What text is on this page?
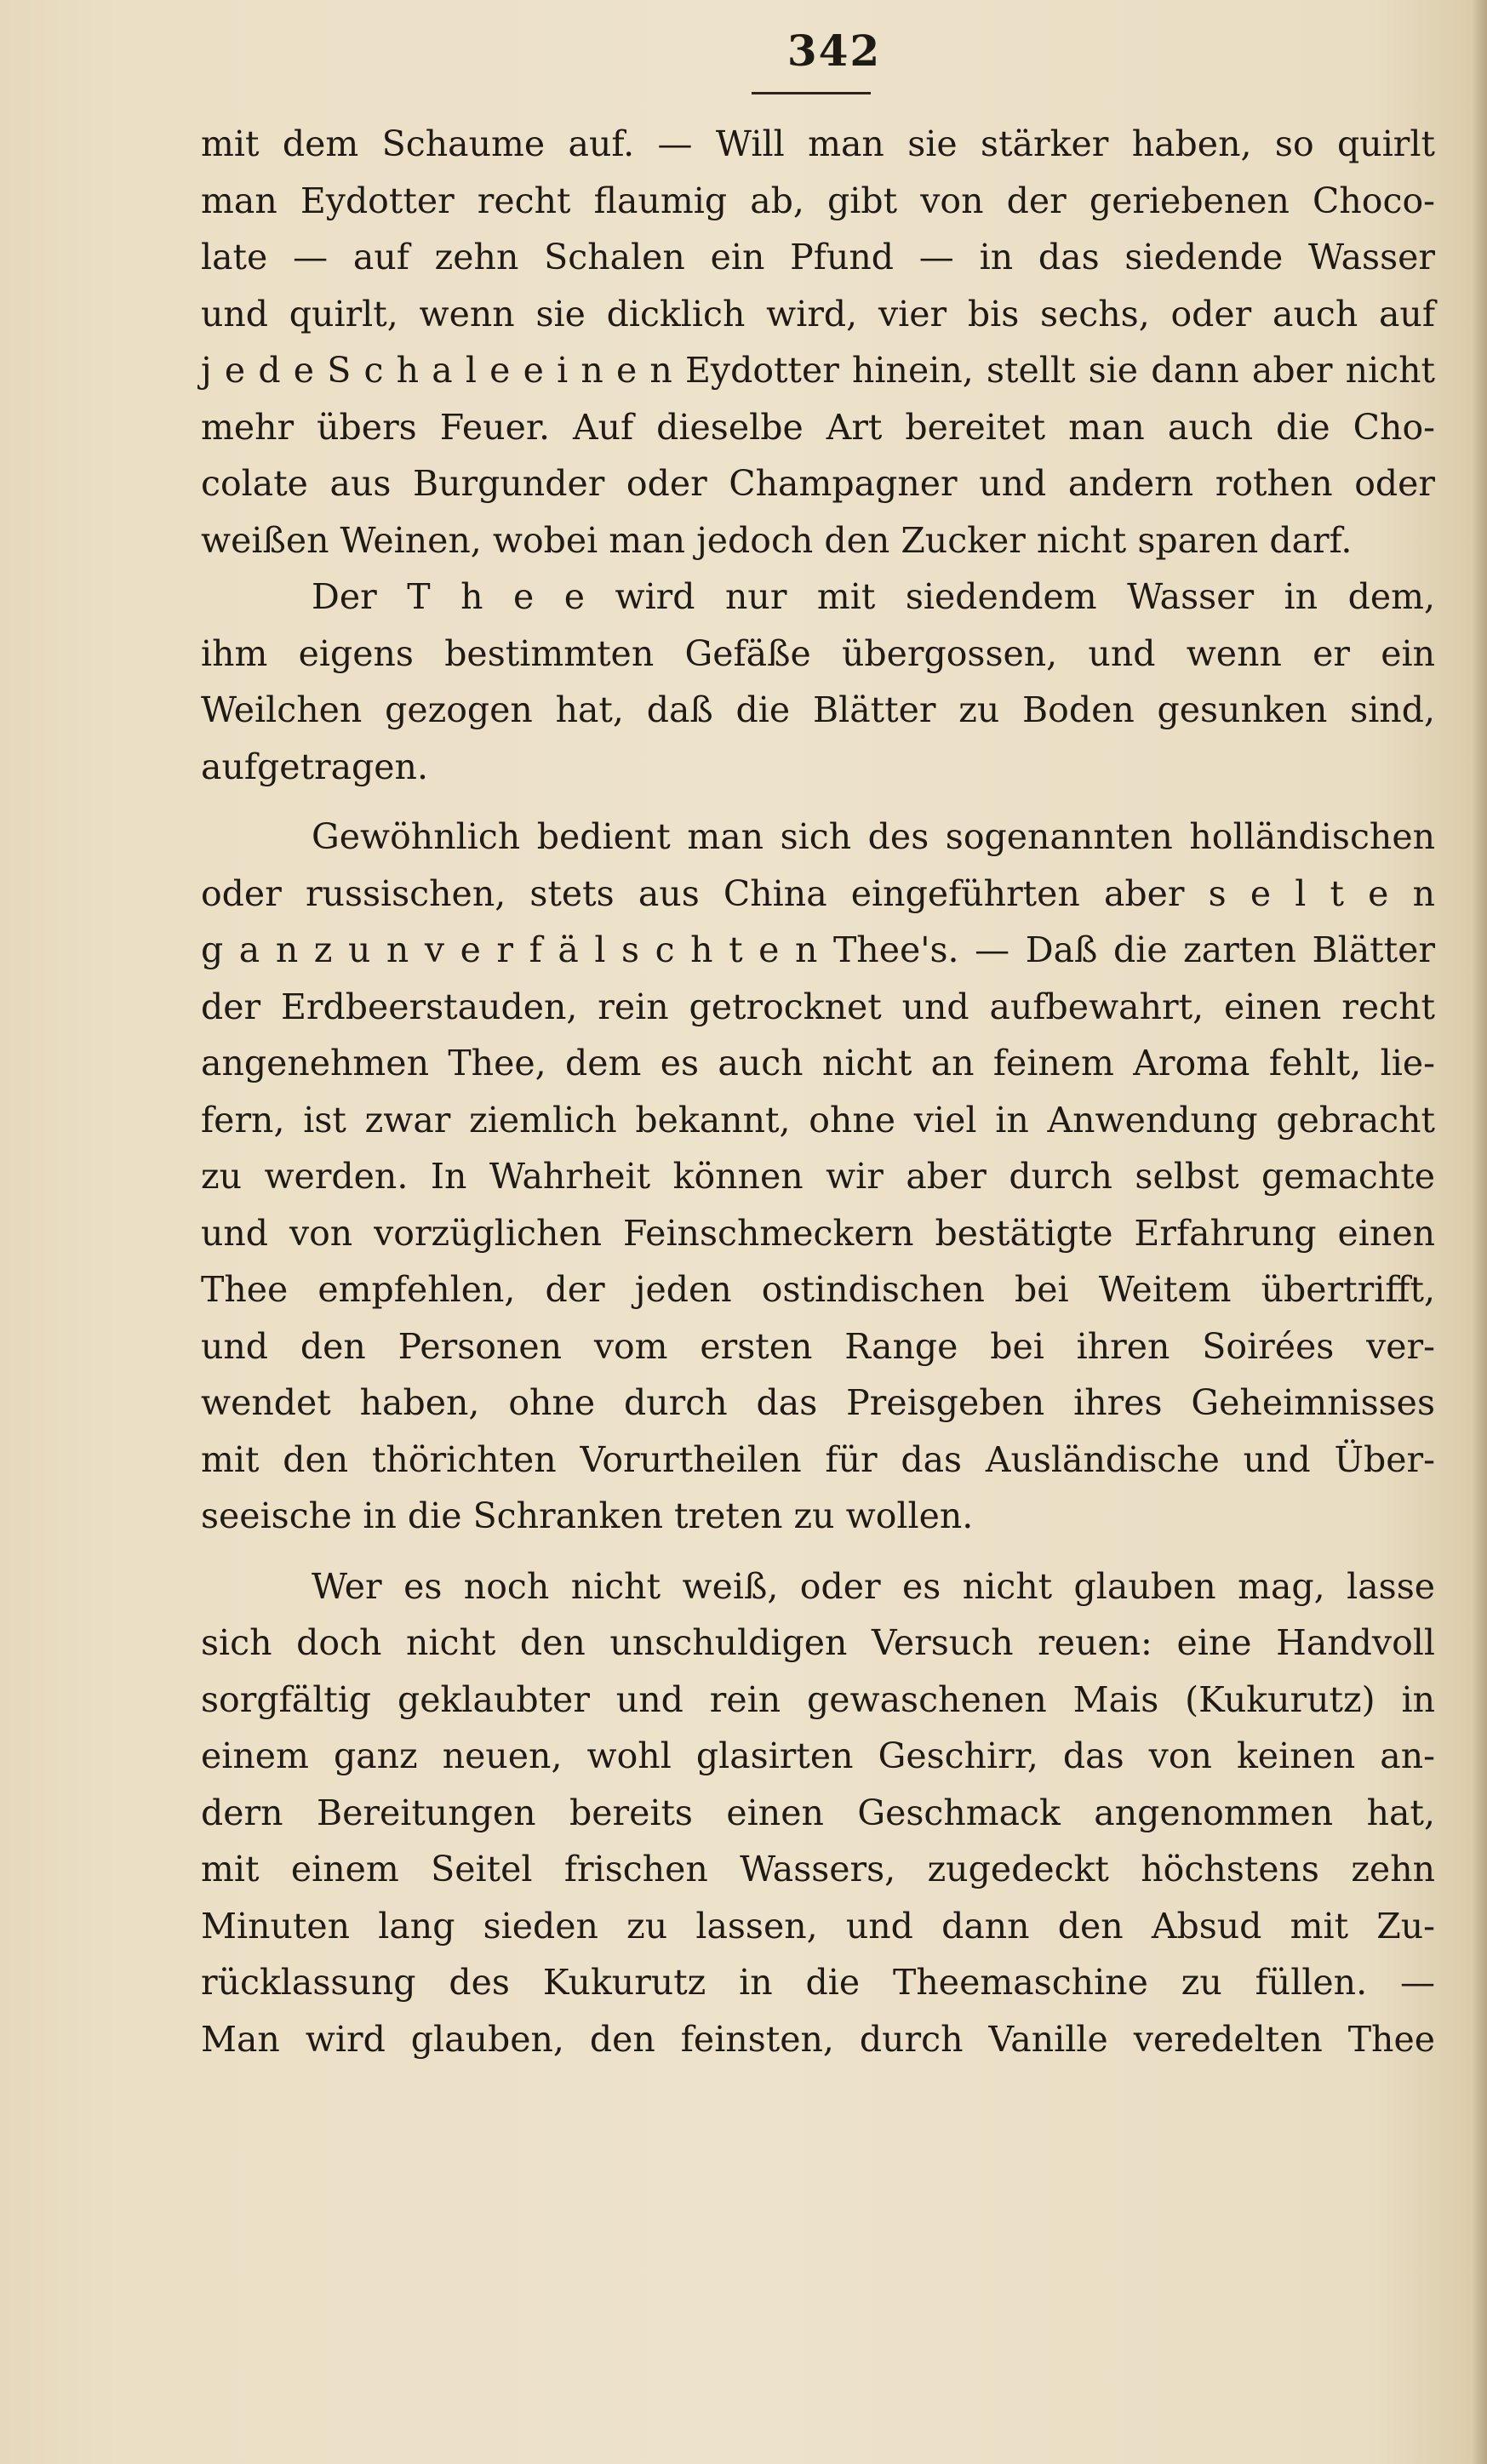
342
mit dem Schaume auf. — Will man sie stärker haben, so quirlt
man Eydotter recht flaumig ab, gibt von der geriebenen Choco-
late — auf zehn Schalen ein Pfund — in das siedende Wasser
und quirlt, wenn sie dicklich wird, vier bis sechs, oder auch auf
j e d e S c h a l e e i n e n Eydotter hinein, stellt sie dann aber nicht
mehr übers Feuer. Auf dieselbe Art bereitet man auch die Cho-
colate aus Burgunder oder Champagner und andern rothen oder
weißen Weinen, wobei man jedoch den Zucker nicht sparen darf.
Der T h e e wird nur mit siedendem Wasser in dem,
ihm eigens bestimmten Gefäße übergossen, und wenn er ein
Weilchen gezogen hat, daß die Blätter zu Boden gesunken sind,
aufgetragen.
Gewöhnlich bedient man sich des sogenannten holländischen
oder russischen, stets aus China eingeführten aber s e l t e n
g a n z u n v e r f ä l s c h t e n Thee's. — Daß die zarten Blätter
der Erdbeerstauden, rein getrocknet und aufbewahrt, einen recht
angenehmen Thee, dem es auch nicht an feinem Aroma fehlt, lie-
fern, ist zwar ziemlich bekannt, ohne viel in Anwendung gebracht
zu werden. In Wahrheit können wir aber durch selbst gemachte
und von vorzüglichen Feinschmeckern bestätigte Erfahrung einen
Thee empfehlen, der jeden ostindischen bei Weitem übertrifft,
und den Personen vom ersten Range bei ihren Soirées ver-
wendet haben, ohne durch das Preisgeben ihres Geheimnisses
mit den thörichten Vorurtheilen für das Ausländische und Über-
seeische in die Schranken treten zu wollen.
Wer es noch nicht weiß, oder es nicht glauben mag, lasse
sich doch nicht den unschuldigen Versuch reuen: eine Handvoll
sorgfältig geklaubter und rein gewaschenen Mais (Kukurutz) in
einem ganz neuen, wohl glasirten Geschirr, das von keinen an-
dern Bereitungen bereits einen Geschmack angenommen hat,
mit einem Seitel frischen Wassers, zugedeckt höchstens zehn
Minuten lang sieden zu lassen, und dann den Absud mit Zu-
rücklassung des Kukurutz in die Theemaschine zu füllen. —
Man wird glauben, den feinsten, durch Vanille veredelten Thee
